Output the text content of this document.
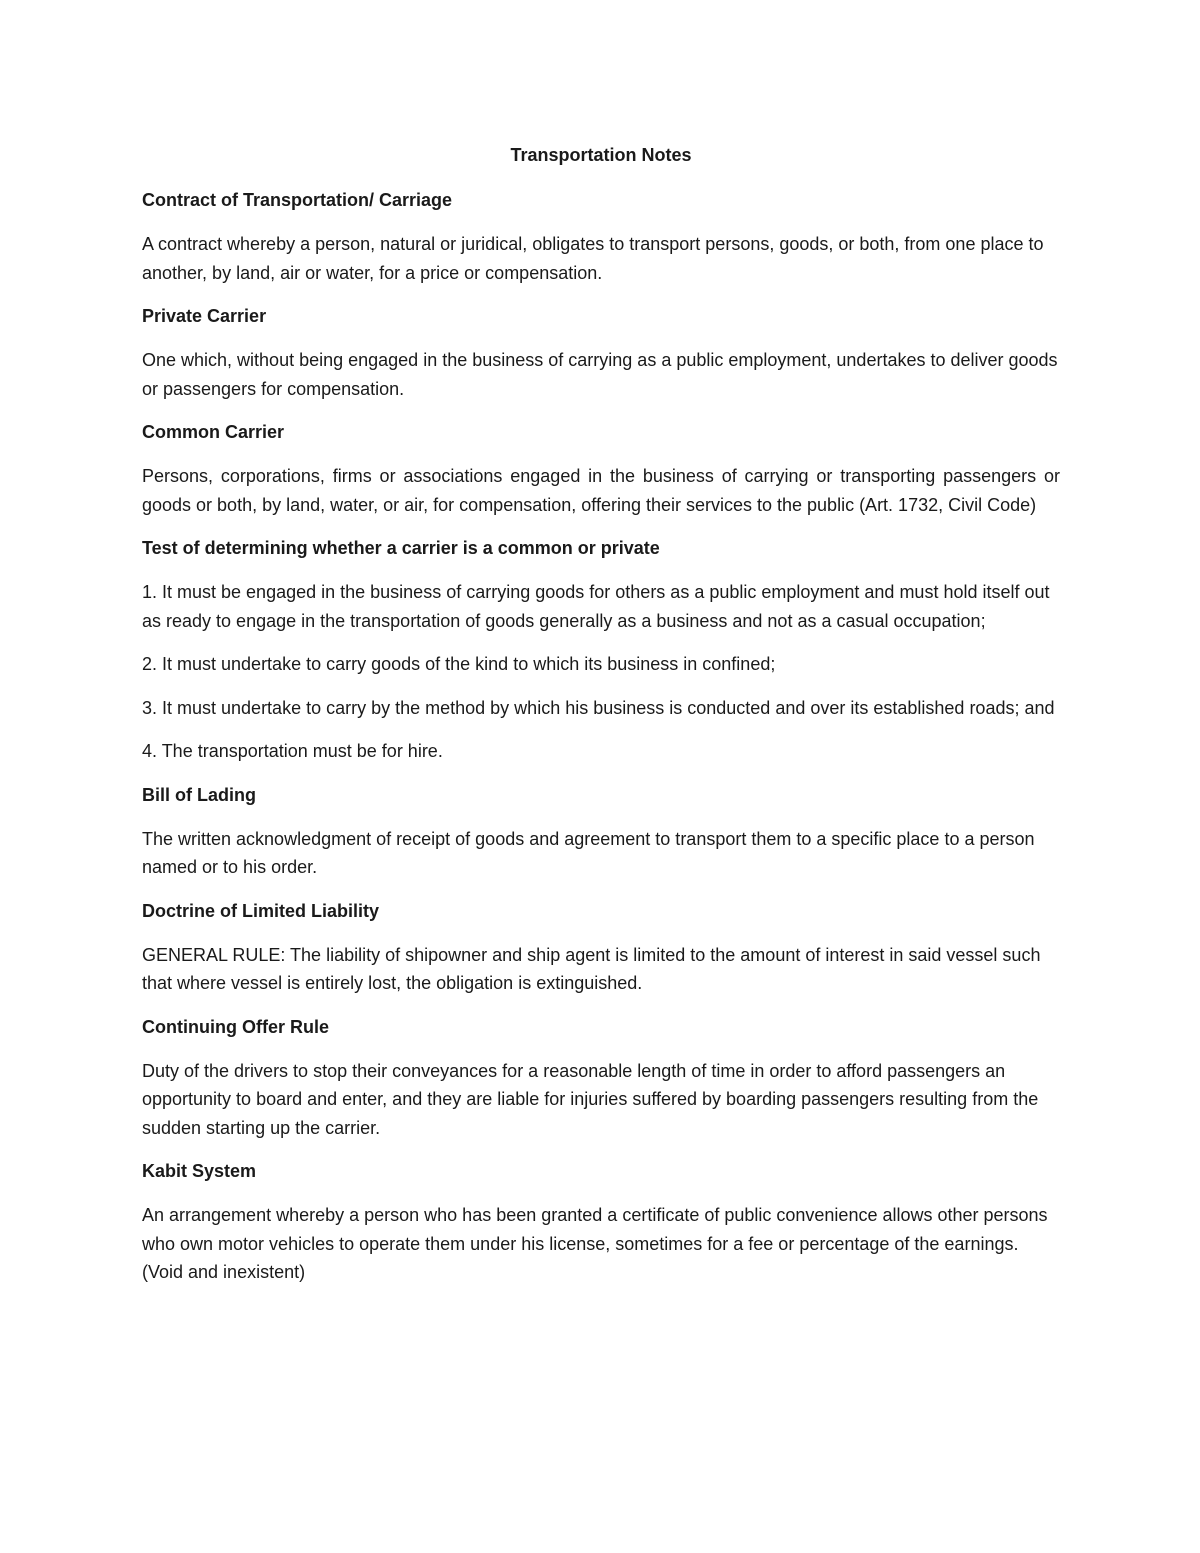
Transportation Notes
Contract of Transportation/ Carriage
A contract whereby a person, natural or juridical, obligates to transport persons, goods, or both, from one place to another, by land, air or water, for a price or compensation.
Private Carrier
One which, without being engaged in the business of carrying as a public employment, undertakes to deliver goods or passengers for compensation.
Common Carrier
Persons, corporations, firms or associations engaged in the business of carrying or transporting passengers or goods or both, by land, water, or air, for compensation, offering their services to the public (Art. 1732, Civil Code)
Test of determining whether a carrier is a common or private
1. It must be engaged in the business of carrying goods for others as a public employment and must hold itself out as ready to engage in the transportation of goods generally as a business and not as a casual occupation;
2. It must undertake to carry goods of the kind to which its business in confined;
3. It must undertake to carry by the method by which his business is conducted and over its established roads; and
4. The transportation must be for hire.
Bill of Lading
The written acknowledgment of receipt of goods and agreement to transport them to a specific place to a person named or to his order.
Doctrine of Limited Liability
GENERAL RULE: The liability of shipowner and ship agent is limited to the amount of interest in said vessel such that where vessel is entirely lost, the obligation is extinguished.
Continuing Offer Rule
Duty of the drivers to stop their conveyances for a reasonable length of time in order to afford passengers an opportunity to board and enter, and they are liable for injuries suffered by boarding passengers resulting from the sudden starting up the carrier.
Kabit System
An arrangement whereby a person who has been granted a certificate of public convenience allows other persons who own motor vehicles to operate them under his license, sometimes for a fee or percentage of the earnings. (Void and inexistent)
